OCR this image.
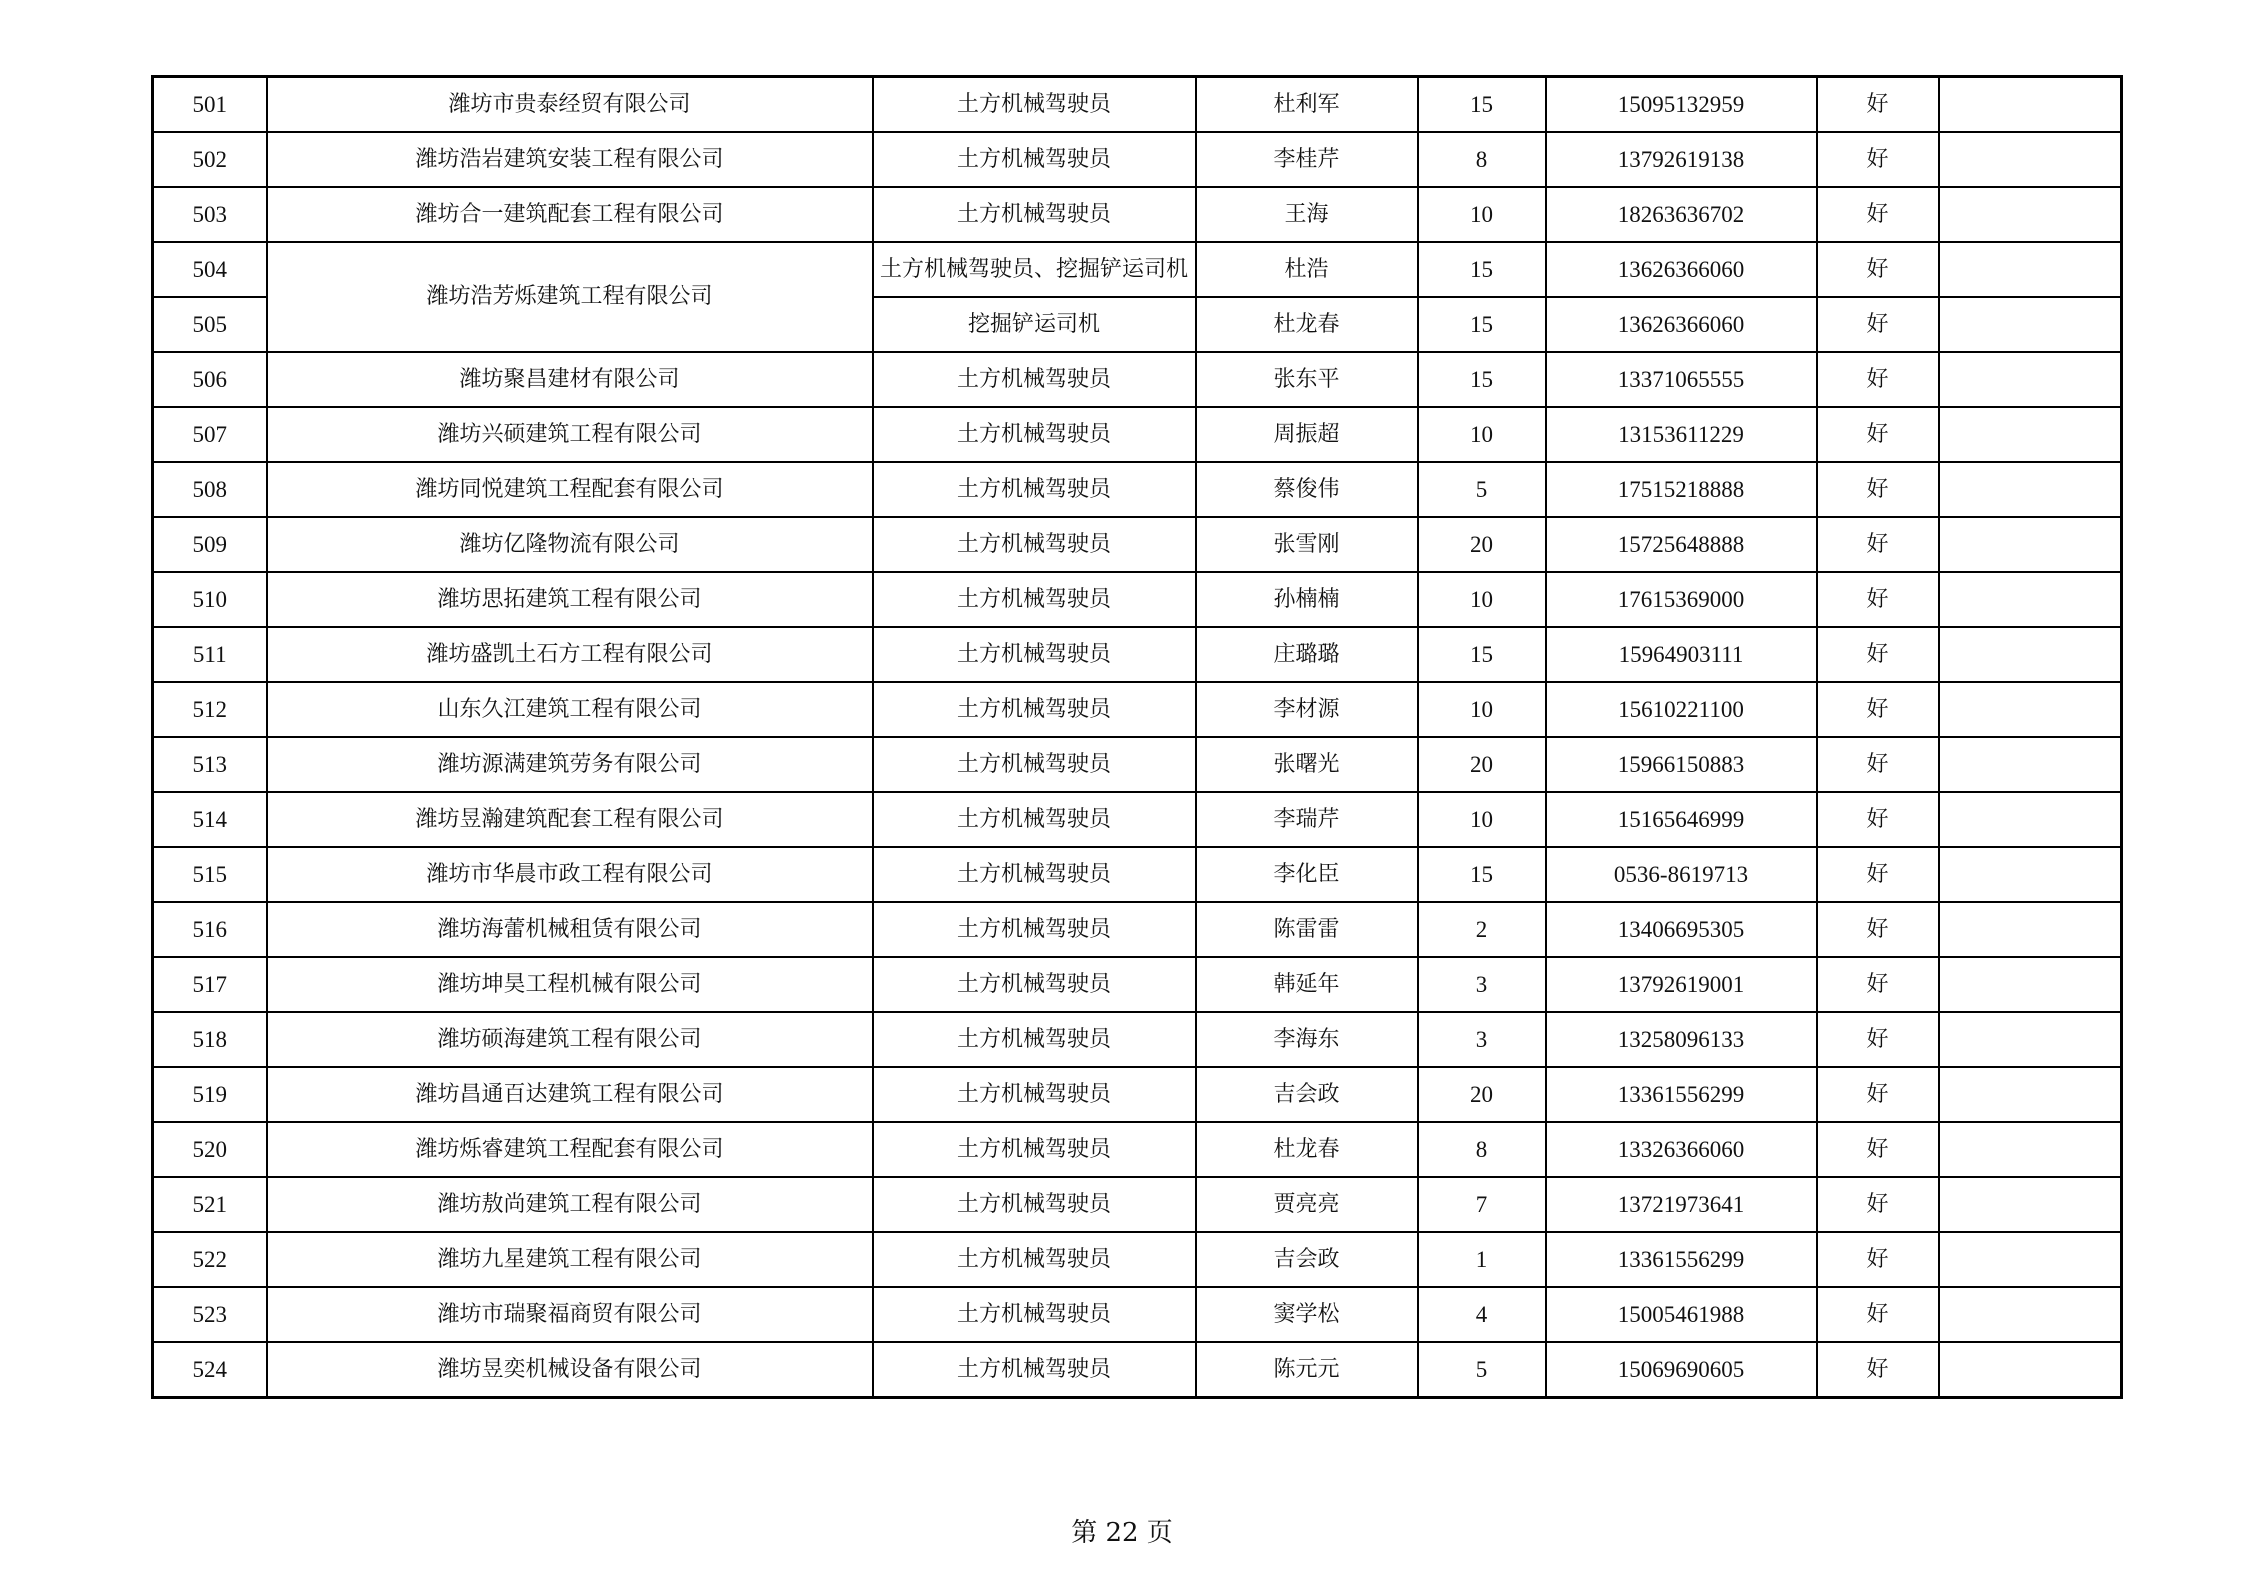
501	潍坊市贵泰经贸有限公司	土方机械驾驶员	杜利军	15	15095132959	好	
502	潍坊浩岩建筑安装工程有限公司	土方机械驾驶员	李桂芹	8	13792619138	好	
503	潍坊合一建筑配套工程有限公司	土方机械驾驶员	王海	10	18263636702	好	
504	潍坊浩芳烁建筑工程有限公司	土方机械驾驶员、挖掘铲运司机	杜浩	15	13626366060	好	
505		挖掘铲运司机	杜龙春	15	13626366060	好	
506	潍坊聚昌建材有限公司	土方机械驾驶员	张东平	15	13371065555	好	
507	潍坊兴硕建筑工程有限公司	土方机械驾驶员	周振超	10	13153611229	好	
508	潍坊同悦建筑工程配套有限公司	土方机械驾驶员	蔡俊伟	5	17515218888	好	
509	潍坊亿隆物流有限公司	土方机械驾驶员	张雪刚	20	15725648888	好	
510	潍坊思拓建筑工程有限公司	土方机械驾驶员	孙楠楠	10	17615369000	好	
511	潍坊盛凯土石方工程有限公司	土方机械驾驶员	庄璐璐	15	15964903111	好	
512	山东久江建筑工程有限公司	土方机械驾驶员	李材源	10	15610221100	好	
513	潍坊源满建筑劳务有限公司	土方机械驾驶员	张曙光	20	15966150883	好	
514	潍坊昱瀚建筑配套工程有限公司	土方机械驾驶员	李瑞芹	10	15165646999	好	
515	潍坊市华晨市政工程有限公司	土方机械驾驶员	李化臣	15	0536-8619713	好	
516	潍坊海蕾机械租赁有限公司	土方机械驾驶员	陈雷雷	2	13406695305	好	
517	潍坊坤昊工程机械有限公司	土方机械驾驶员	韩延年	3	13792619001	好	
518	潍坊硕海建筑工程有限公司	土方机械驾驶员	李海东	3	13258096133	好	
519	潍坊昌通百达建筑工程有限公司	土方机械驾驶员	吉会政	20	13361556299	好	
520	潍坊烁睿建筑工程配套有限公司	土方机械驾驶员	杜龙春	8	13326366060	好	
521	潍坊敖尚建筑工程有限公司	土方机械驾驶员	贾亮亮	7	13721973641	好	
522	潍坊九星建筑工程有限公司	土方机械驾驶员	吉会政	1	13361556299	好	
523	潍坊市瑞聚福商贸有限公司	土方机械驾驶员	窦学松	4	15005461988	好	
524	潍坊昱奕机械设备有限公司	土方机械驾驶员	陈元元	5	15069690605	好	
第 22 页
